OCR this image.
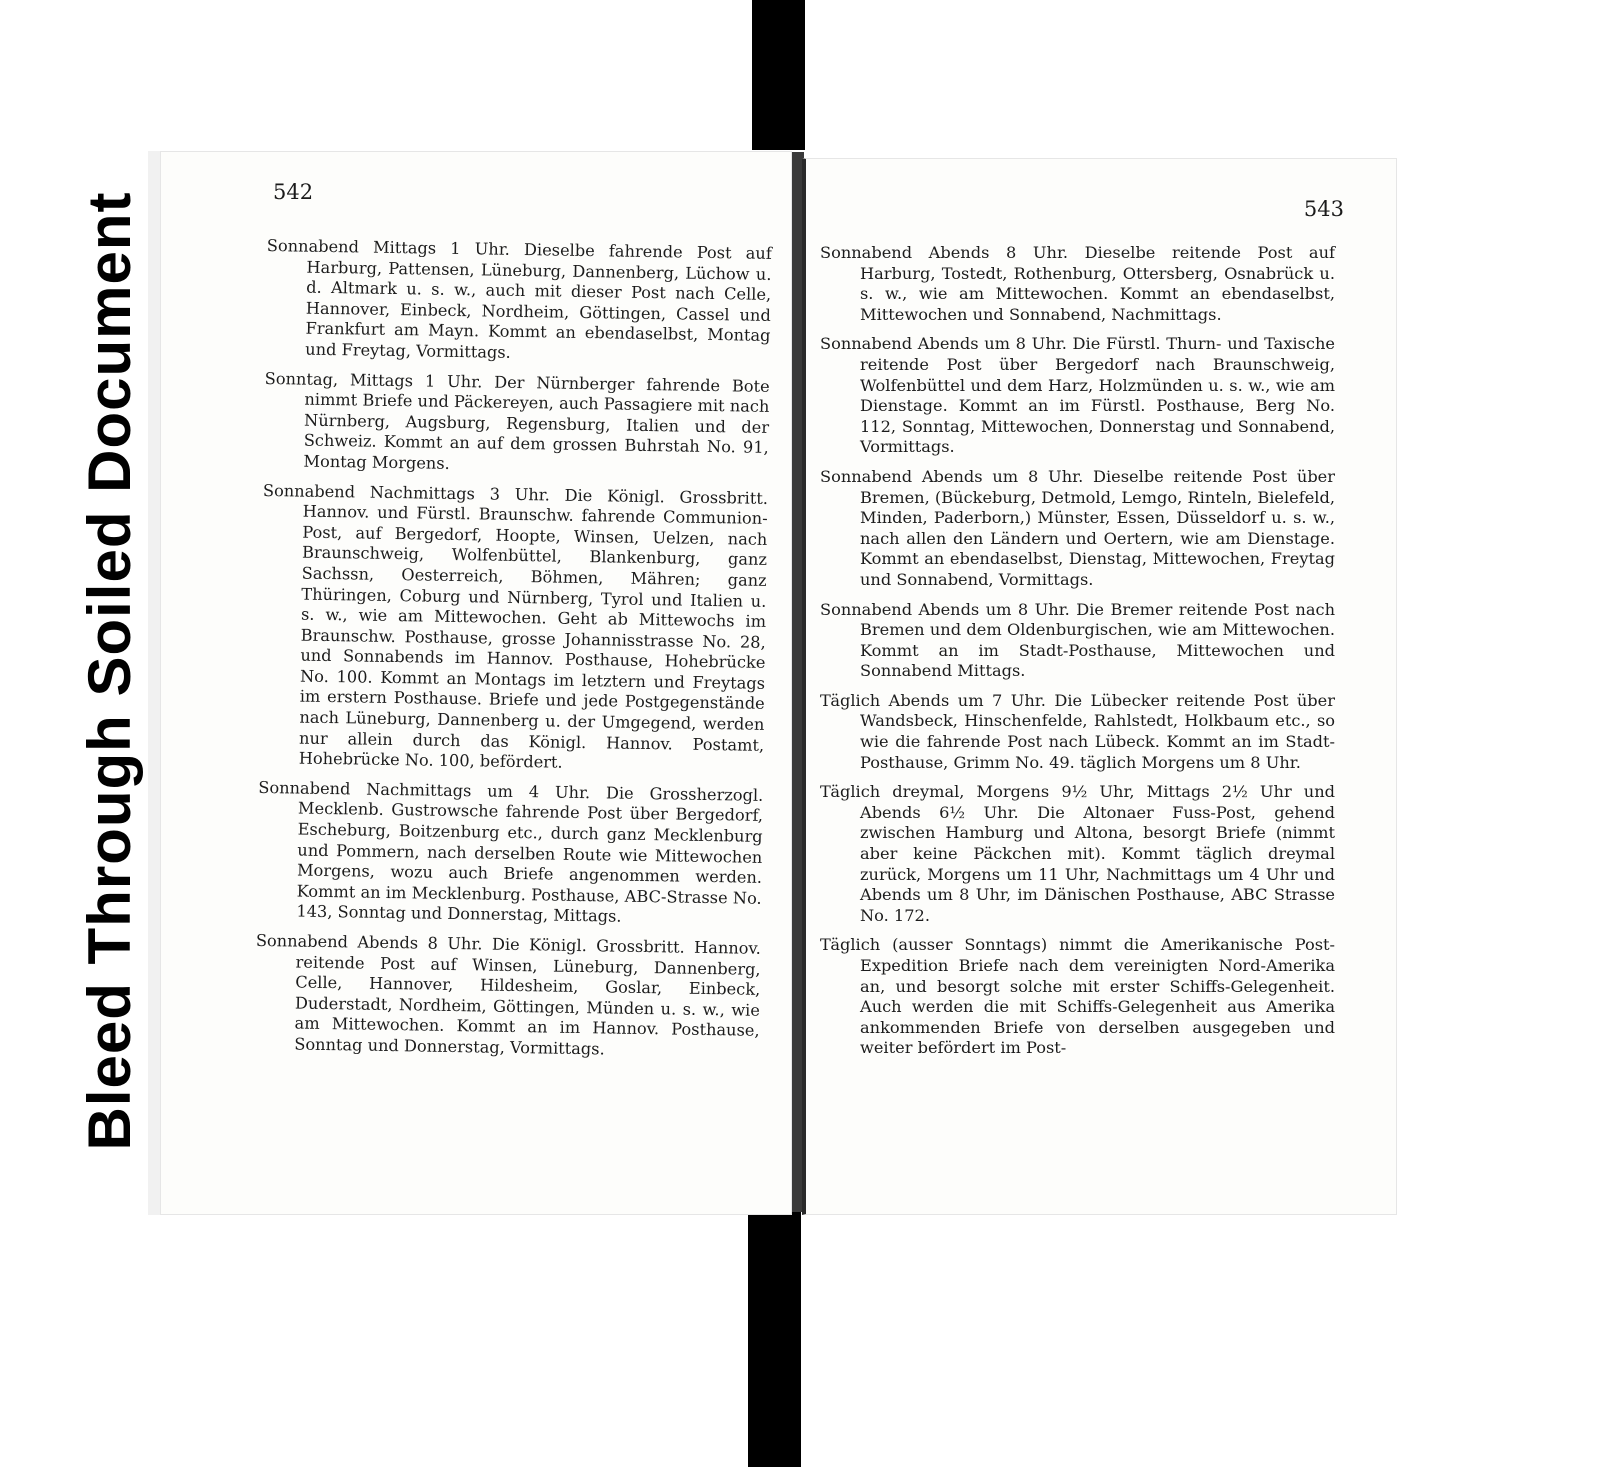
Bleed Through Soiled Document	542

Sonnabend Mittags 1 Uhr. Dieselbe fahrende Post auf Harburg, Pattensen, Lüneburg, Dannenberg, Lüchow u. d. Altmark u. s. w., auch mit dieser Post nach Celle, Hannover, Einbeck, Nordheim, Göttingen, Cassel und Frankfurt am Mayn. Kommt an ebendaselbst, Montag und Freytag, Vormittags.

Sonntag, Mittags 1 Uhr. Der Nürnberger fahrende Bote nimmt Briefe und Päckereyen, auch Passagiere mit nach Nürnberg, Augsburg, Regensburg, Italien und der Schweiz. Kommt an auf dem grossen Buhrstah No. 91, Montag Morgens.

Sonnabend Nachmittags 3 Uhr. Die Königl. Grossbritt. Hannov. und Fürstl. Braunschw. fahrende Communion-Post, auf Bergedorf, Hoopte, Winsen, Uelzen, nach Braunschweig, Wolfenbüttel, Blankenburg, ganz Sachssn, Oesterreich, Böhmen, Mähren; ganz Thüringen, Coburg und Nürnberg, Tyrol und Italien u. s. w., wie am Mittewochen. Geht ab Mittewochs im Braunschw. Posthause, grosse Johannisstrasse No. 28, und Sonnabends im Hannov. Posthause, Hohebrücke No. 100. Kommt an Montags im letztern und Freytags im erstern Posthause. Briefe und jede Postgegenstände nach Lüneburg, Dannenberg u. der Umgegend, werden nur allein durch das Königl. Hannov. Postamt, Hohebrücke No. 100, befördert.

Sonnabend Nachmittags um 4 Uhr. Die Grossherzogl. Mecklenb. Gustrowsche fahrende Post über Bergedorf, Escheburg, Boitzenburg etc., durch ganz Mecklenburg und Pommern, nach derselben Route wie Mittewochen Morgens, wozu auch Briefe angenommen werden. Kommt an im Mecklenburg. Posthause, ABC-Strasse No. 143, Sonntag und Donnerstag, Mittags.

Sonnabend Abends 8 Uhr. Die Königl. Grossbritt. Hannov. reitende Post auf Winsen, Lüneburg, Dannenberg, Celle, Hannover, Hildesheim, Goslar, Einbeck, Duderstadt, Nordheim, Göttingen, Münden u. s. w., wie am Mittewochen. Kommt an im Hannov. Posthause, Sonntag und Donnerstag, Vormittags.

543

Sonnabend Abends 8 Uhr. Dieselbe reitende Post auf Harburg, Tostedt, Rothenburg, Ottersberg, Osnabrück u. s. w., wie am Mittewochen. Kommt an ebendaselbst, Mittewochen und Sonnabend, Nachmittags.

Sonnabend Abends um 8 Uhr. Die Fürstl. Thurn- und Taxische reitende Post über Bergedorf nach Braunschweig, Wolfenbüttel und dem Harz, Holzmünden u. s. w., wie am Dienstage. Kommt an im Fürstl. Posthause, Berg No. 112, Sonntag, Mittewochen, Donnerstag und Sonnabend, Vormittags.

Sonnabend Abends um 8 Uhr. Dieselbe reitende Post über Bremen, (Bückeburg, Detmold, Lemgo, Rinteln, Bielefeld, Minden, Paderborn,) Münster, Essen, Düsseldorf u. s. w., nach allen den Ländern und Oertern, wie am Dienstage. Kommt an ebendaselbst, Dienstag, Mittewochen, Freytag und Sonnabend, Vormittags.

Sonnabend Abends um 8 Uhr. Die Bremer reitende Post nach Bremen und dem Oldenburgischen, wie am Mittewochen. Kommt an im Stadt-Posthause, Mittewochen und Sonnabend Mittags.

Täglich Abends um 7 Uhr. Die Lübecker reitende Post über Wandsbeck, Hinschenfelde, Rahlstedt, Holkbaum etc., so wie die fahrende Post nach Lübeck. Kommt an im Stadt-Posthause, Grimm No. 49. täglich Morgens um 8 Uhr.

Täglich dreymal, Morgens 9½ Uhr, Mittags 2½ Uhr und Abends 6½ Uhr. Die Altonaer Fuss-Post, gehend zwischen Hamburg und Altona, besorgt Briefe (nimmt aber keine Päckchen mit). Kommt täglich dreymal zurück, Morgens um 11 Uhr, Nachmittags um 4 Uhr und Abends um 8 Uhr, im Dänischen Posthause, ABC Strasse No. 172.

Täglich (ausser Sonntags) nimmt die Amerikanische Post-Expedition Briefe nach dem vereinigten Nord-Amerika an, und besorgt solche mit erster Schiffs-Gelegenheit. Auch werden die mit Schiffs-Gelegenheit aus Amerika ankommenden Briefe von derselben ausgegeben und weiter befördert im Post-
